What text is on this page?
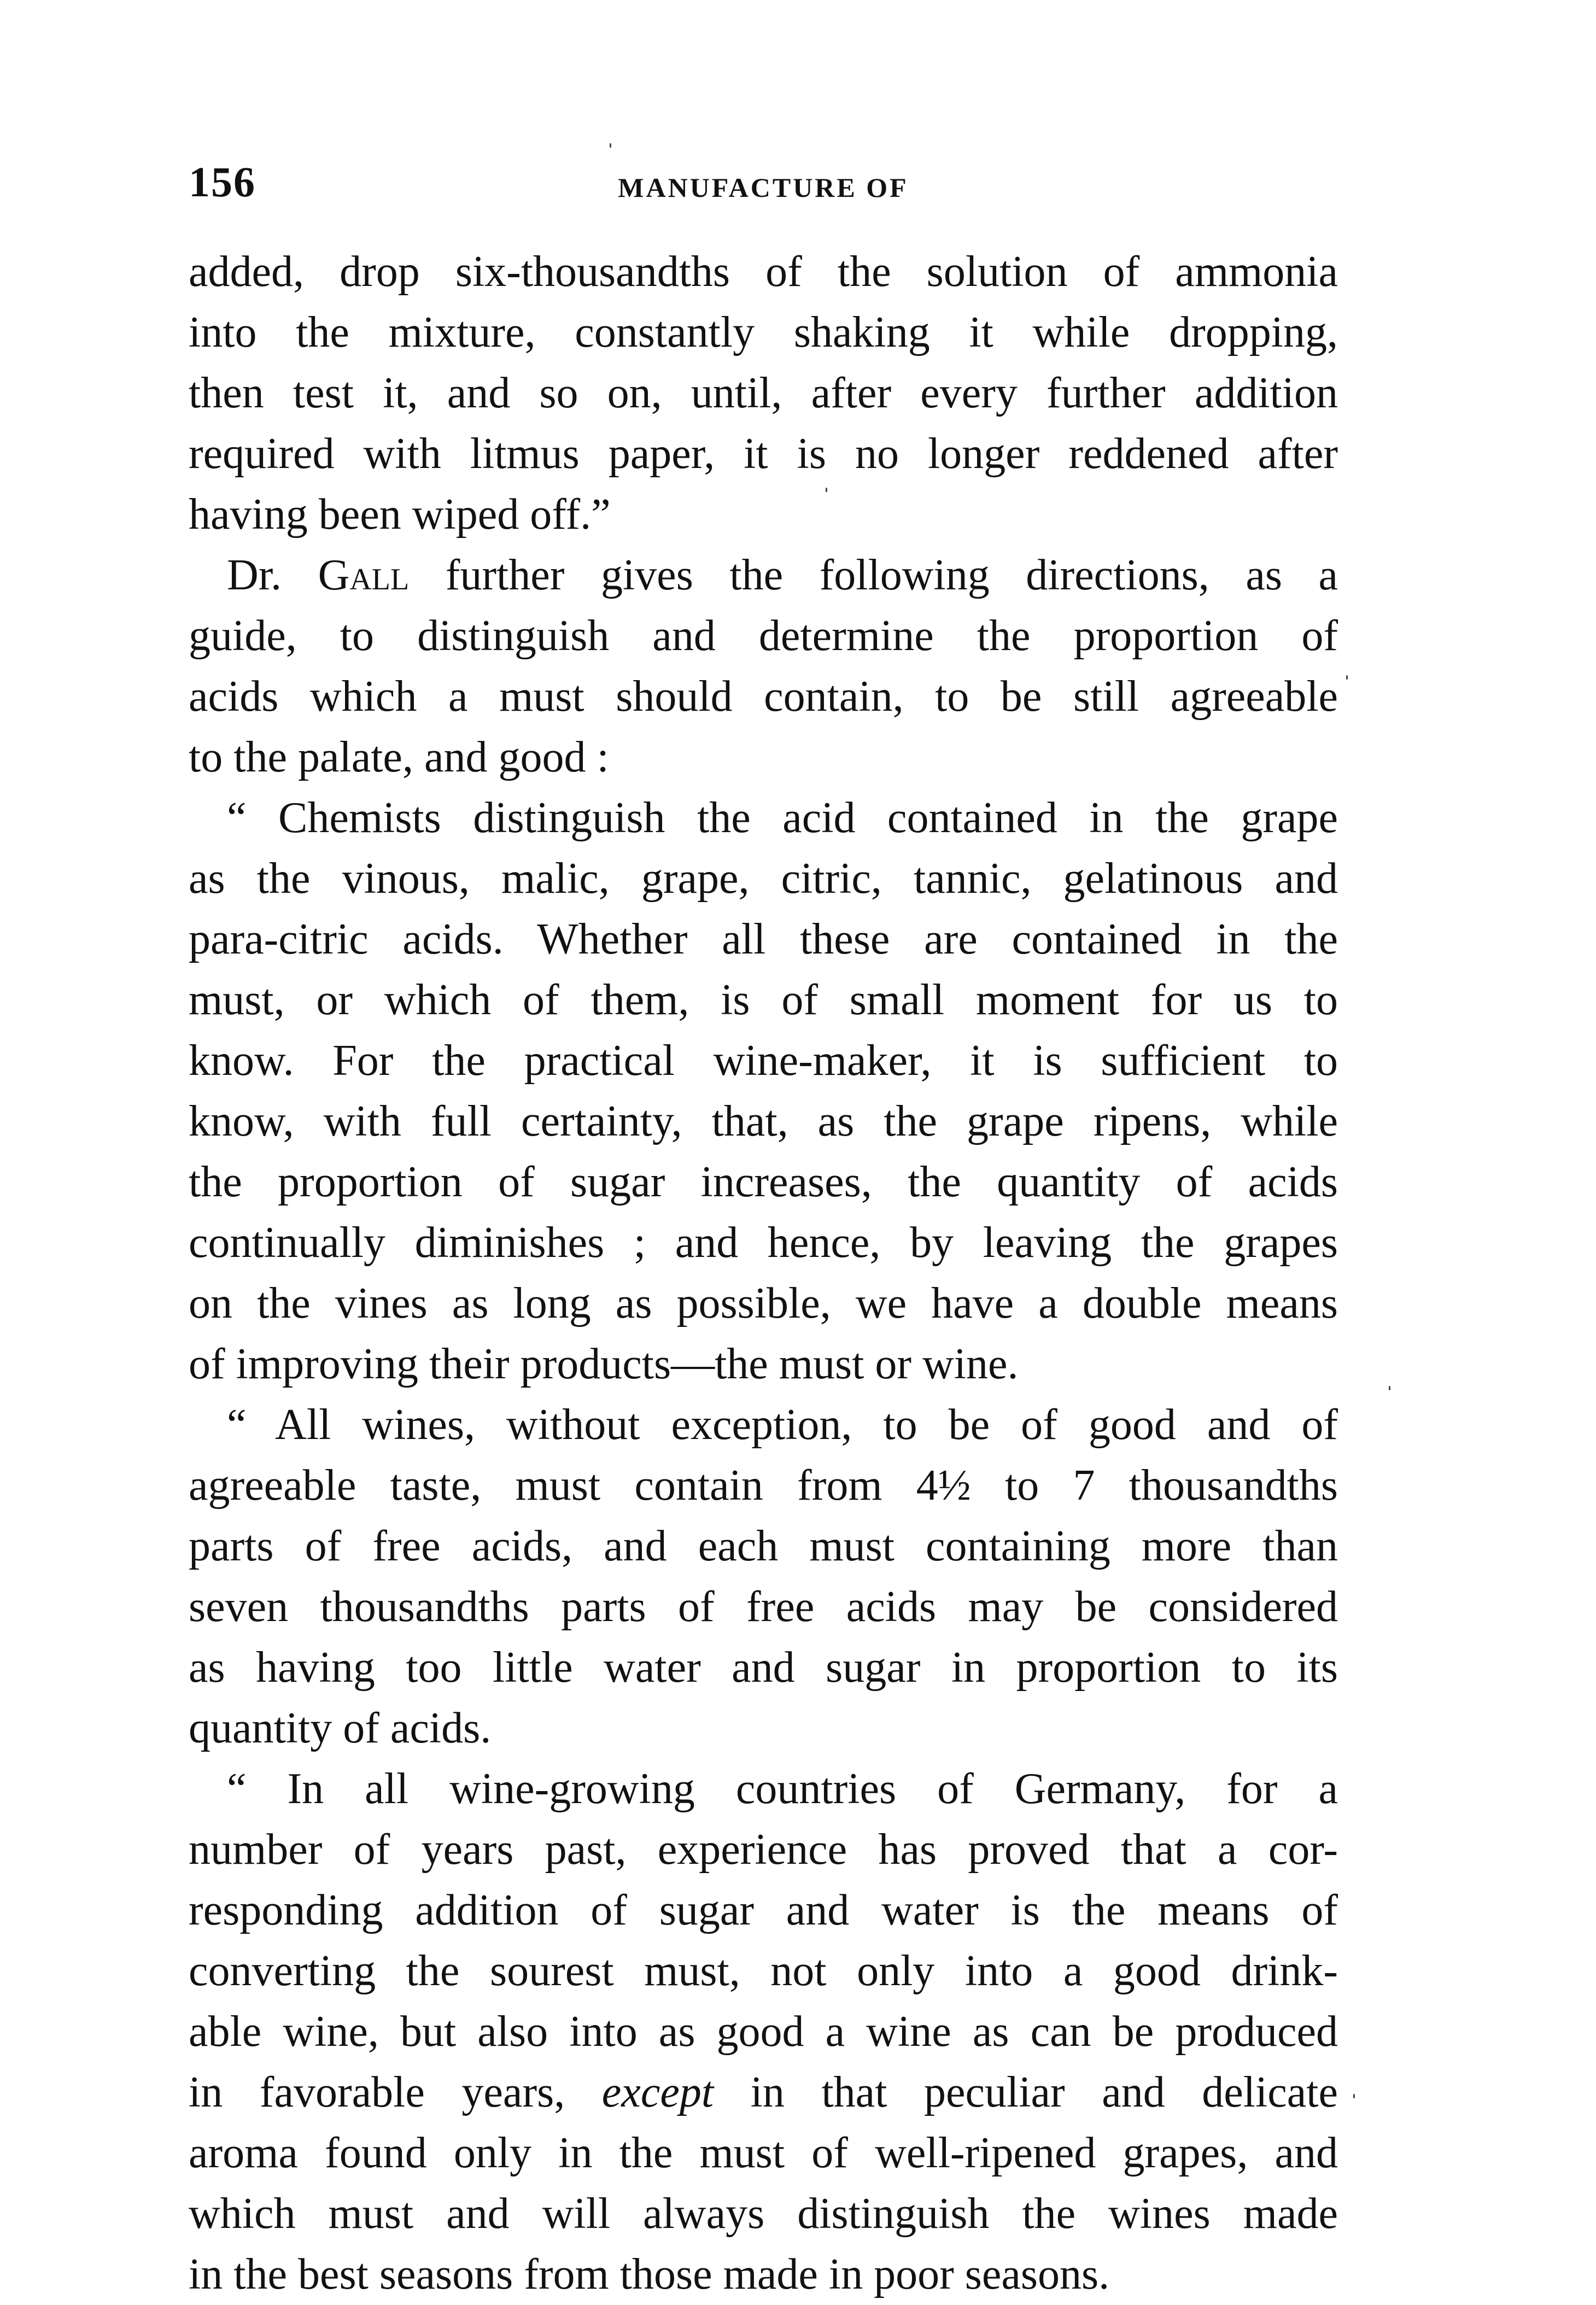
156	MANUFACTURE OF
added, drop six-thousandths of the solution of ammonia
into the mixture, constantly shaking it while dropping,
then test it, and so on, until, after every further addition
required with litmus paper, it is no longer reddened after
having been wiped off.”
Dr. Gall further gives the following directions, as a
guide, to distinguish and determine the proportion of
acids which a must should contain, to be still agreeable
to the palate, and good :
“ Chemists distinguish the acid contained in the grape
as the vinous, malic, grape, citric, tannic, gelatinous and
para-citric acids. Whether all these are contained in the
must, or which of them, is of small moment for us to
know. For the practical wine-maker, it is sufficient to
know, with full certainty, that, as the grape ripens, while
the proportion of sugar increases, the quantity of acids
continually diminishes ; and hence, by leaving the grapes
on the vines as long as possible, we have a double means
of improving their products—the must or wine.
“ All wines, without exception, to be of good and of
agreeable taste, must contain from 4½ to 7 thousandths
parts of free acids, and each must containing more than
seven thousandths parts of free acids may be considered
as having too little water and sugar in proportion to its
quantity of acids.
“ In all wine-growing countries of Germany, for a
number of years past, experience has proved that a cor-
responding addition of sugar and water is the means of
converting the sourest must, not only into a good drink-
able wine, but also into as good a wine as can be produced
in favorable years, except in that peculiar and delicate
aroma found only in the must of well-ripened grapes, and
which must and will always distinguish the wines made
in the best seasons from those made in poor seasons.
